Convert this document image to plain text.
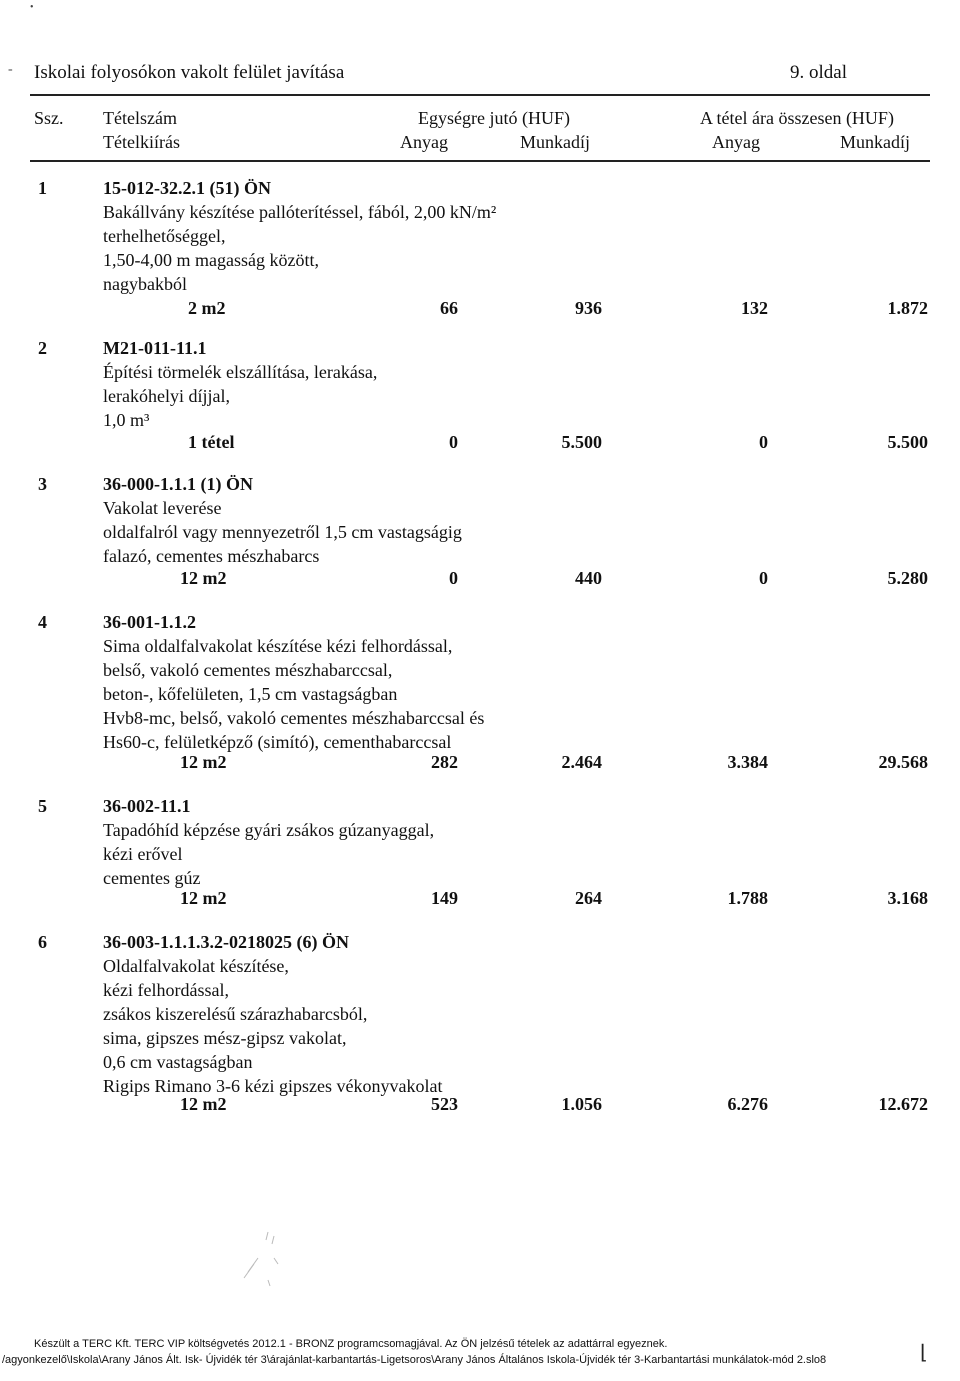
•
- Iskolai folyosókon vakolt felület javítása	9. oldal
Ssz. Tételszám
Tételkiírás
Egységre jutó (HUF)	A tétel ára összesen (HUF)
Anyag	Munkadíj	Anyag	Munkadíj
1	15-012-32.2.1 (51) ÖN
Bakállvány készítése pallóterítéssel, fából, 2,00 kN/m²
terhelhetőséggel,
1,50-4,00 m magasság között,
nagybakból
2 m2	66	936	132	1.872
2	M21-011-11.1
Építési törmelék elszállítása, lerakása,
lerakóhelyi díjjal,
1,0 m³
1 tétel	0	5.500	0	5.500
3	36-000-1.1.1 (1) ÖN
Vakolat leverése
oldalfalról vagy mennyezetről 1,5 cm vastagságig
falazó, cementes mészhabarcs
12 m2	0	440	0	5.280
4	36-001-1.1.2
Sima oldalfalvakolat készítése kézi felhordással,
belső, vakoló cementes mészhabarccsal,
beton-, kőfelületen, 1,5 cm vastagságban
Hvb8-mc, belső, vakoló cementes mészhabarccsal és
Hs60-c, felületképző (simító), cementhabarccsal
12 m2	282	2.464	3.384	29.568
5	36-002-11.1
Tapadóhíd képzése gyári zsákos gúzanyaggal,
kézi erővel
cementes gúz
12 m2	149	264	1.788	3.168
6	36-003-1.1.1.3.2-0218025 (6) ÖN
Oldalfalvakolat készítése,
kézi felhordással,
zsákos kiszerelésű szárazhabarcsból,
sima, gipszes mész-gipsz vakolat,
0,6 cm vastagságban
Rigips Rimano 3-6 kézi gipszes vékonyvakolat
12 m2	523	1.056	6.276	12.672
Készült a TERC Kft. TERC VIP költségvetés 2012.1 - BRONZ programcsomagjával. Az ÖN jelzésű tételek az adattárral egyeznek.
/agyonkezelő\Iskola\Arany János Ált. Isk- Újvidék tér 3\árajánlat-karbantartás-Ligetsoros\Arany János Általános Iskola-Újvidék tér 3-Karbantartási munkálatok-mód 2.slo8	⌊
